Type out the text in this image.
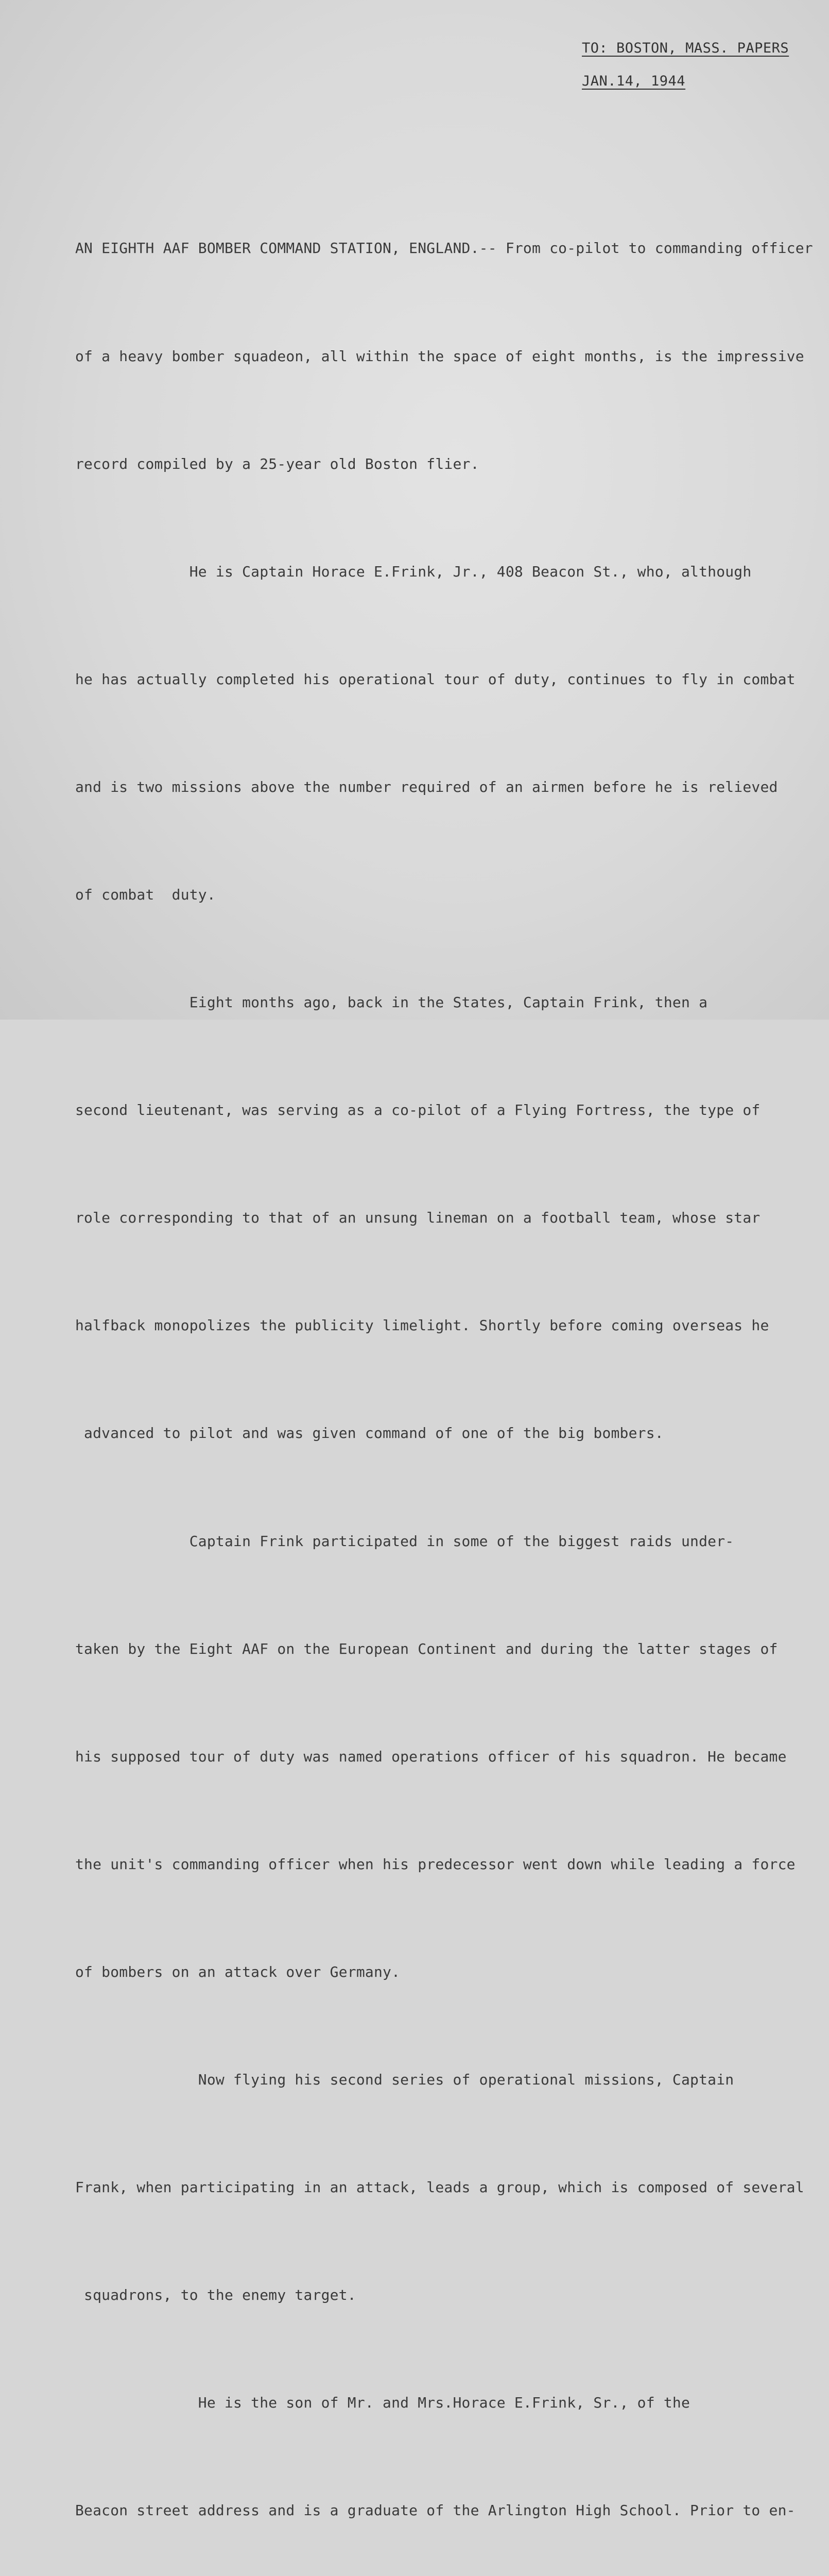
TO: BOSTON, MASS. PAPERS
JAN.14, 1944

AN EIGHTH AAF BOMBER COMMAND STATION, ENGLAND.-- From co-pilot to commanding officer

of a heavy bomber squadeon, all within the space of eight months, is the impressive

record compiled by a 25-year old Boston flier.

He is Captain Horace E.Frink, Jr., 408 Beacon St., who, although

he has actually completed his operational tour of duty, continues to fly in combat

and is two missions above the number required of an airmen before he is relieved

of combat  duty.

Eight months ago, back in the States, Captain Frink, then a

second lieutenant, was serving as a co-pilot of a Flying Fortress, the type of

role corresponding to that of an unsung lineman on a football team, whose star

halfback monopolizes the publicity limelight. Shortly before coming overseas he

advanced to pilot and was given command of one of the big bombers.

Captain Frink participated in some of the biggest raids under-

taken by the Eight AAF on the European Continent and during the latter stages of

his supposed tour of duty was named operations officer of his squadron. He became

the unit's commanding officer when his predecessor went down while leading a force

of bombers on an attack over Germany.

Now flying his second series of operational missions, Captain

Frank, when participating in an attack, leads a group, which is composed of several

squadrons, to the enemy target.

He is the son of Mr. and Mrs.Horace E.Frink, Sr., of the

Beacon street address and is a graduate of the Arlington High School. Prior to en-
